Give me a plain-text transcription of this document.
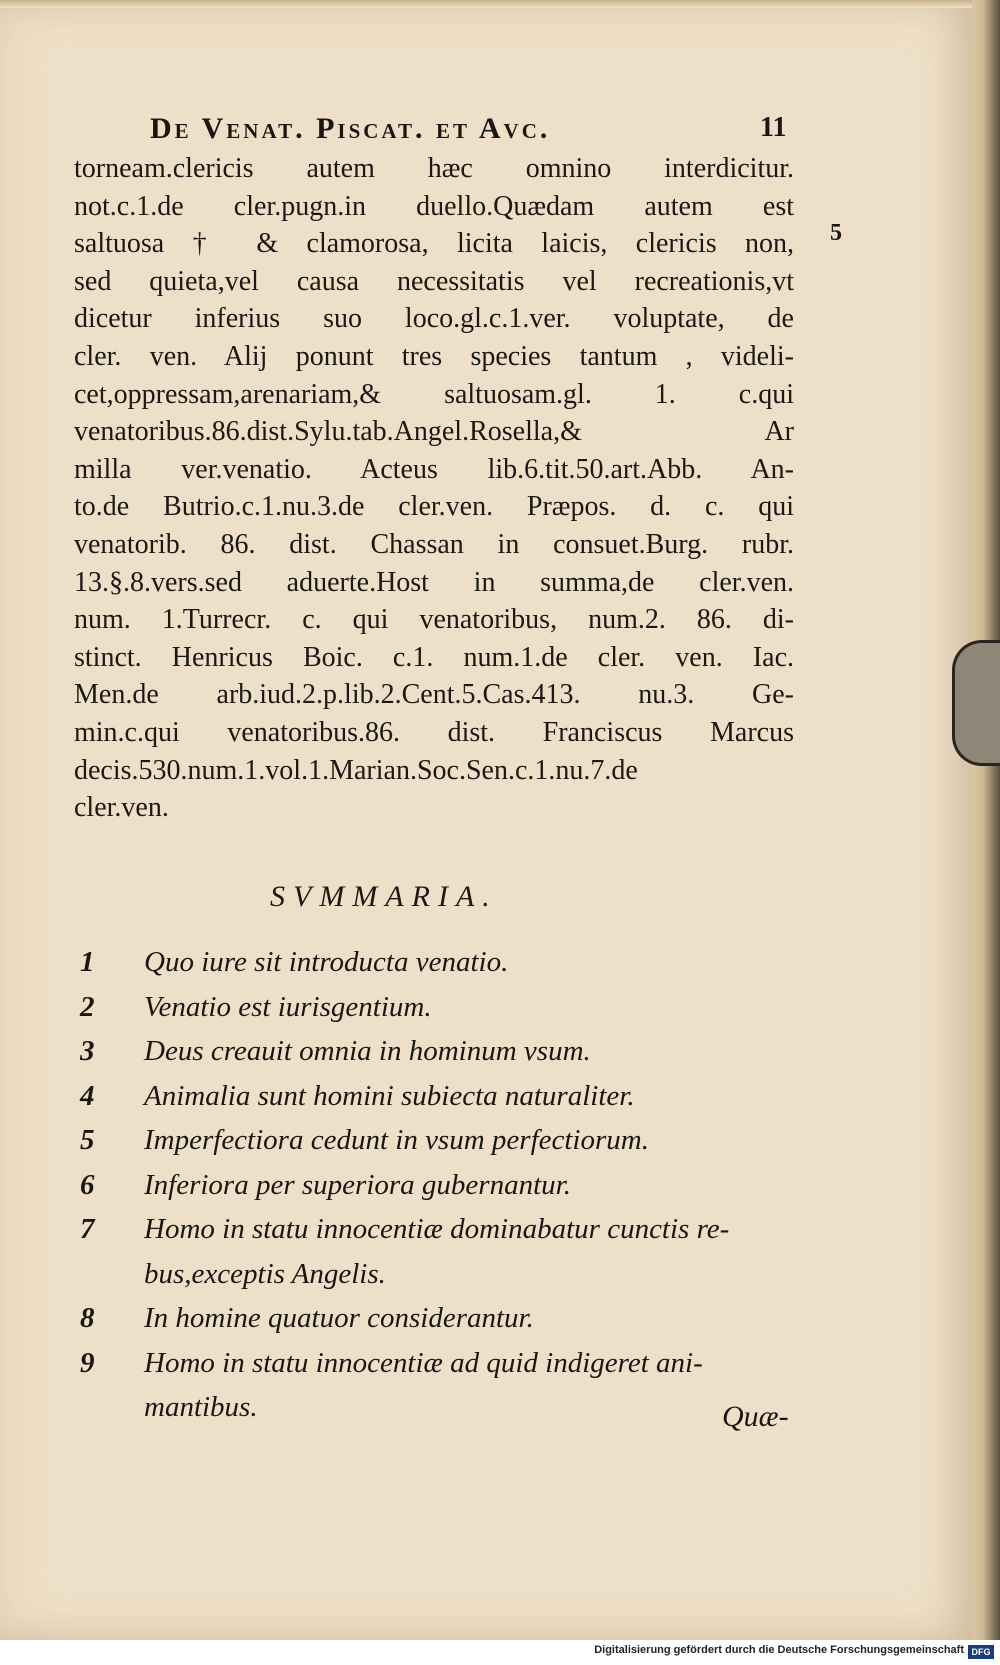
De Venat. Piscat. et Avc.	11
torneam.clericis autem hæc omnino interdicitur.
not.c.1.de cler.pugn.in duello.Quædam autem est
saltuosa † & clamorosa, licita laicis, clericis non,
sed quieta,vel causa necessitatis vel recreationis,vt
dicetur inferius suo loco.gl.c.1.ver. voluptate, de
cler. ven. Alij ponunt tres species tantum , videli-
cet,oppressam,arenariam,& saltuosam.gl. 1. c.qui
venatoribus.86.dist.Sylu.tab.Angel.Rosella,& Ar
milla ver.venatio. Acteus lib.6.tit.50.art.Abb. An-
to.de Butrio.c.1.nu.3.de cler.ven. Præpos. d. c. qui
venatorib. 86. dist. Chassan in consuet.Burg. rubr.
13.§.8.vers.sed aduerte.Host in summa,de cler.ven.
num. 1.Turrecr. c. qui venatoribus, num.2. 86. di-
stinct. Henricus Boic. c.1. num.1.de cler. ven. Iac.
Men.de arb.iud.2.p.lib.2.Cent.5.Cas.413. nu.3. Ge-
min.c.qui venatoribus.86. dist. Franciscus Marcus
decis.530.num.1.vol.1.Marian.Soc.Sen.c.1.nu.7.de
cler.ven.
5
SVMMARIA.
1	Quo iure sit introducta venatio.
2	Venatio est iurisgentium.
3	Deus creauit omnia in hominum vsum.
4	Animalia sunt homini subiecta naturaliter.
5	Imperfectiora cedunt in vsum perfectiorum.
6	Inferiora per superiora gubernantur.
7	Homo in statu innocentiæ dominabatur cunctis re-
bus,exceptis Angelis.
8	In homine quatuor considerantur.
9	Homo in statu innocentiæ ad quid indigeret ani-
mantibus.	Quæ-
Digitalisierung gefördert durch die Deutsche Forschungsgemeinschaft DFG
